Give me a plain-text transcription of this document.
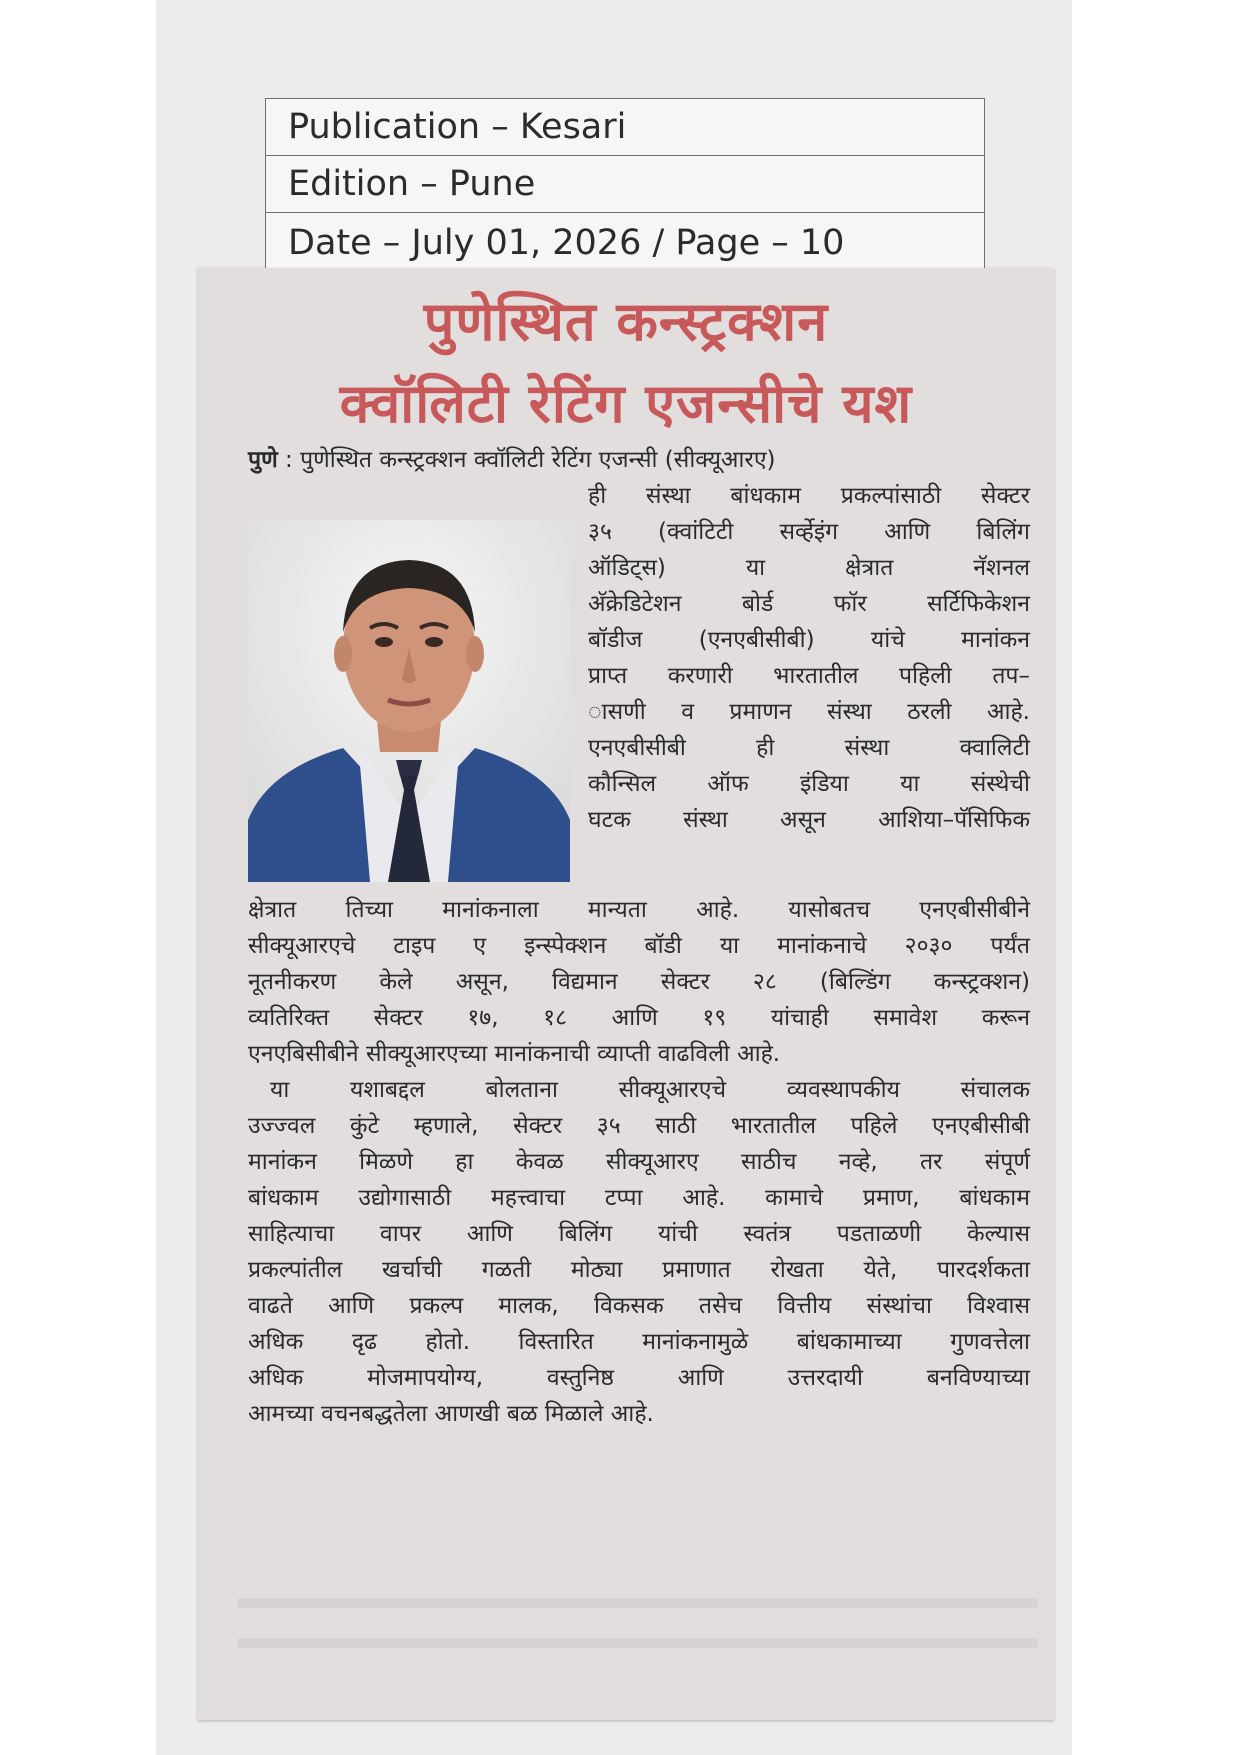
Publication – Kesari
Edition – Pune
Date – July 01, 2026 / Page – 10
पुणेस्थित कन्स्ट्रक्शन
क्वॉलिटी रेटिंग एजन्सीचे यश
पुणे : पुणेस्थित कन्स्ट्रक्शन क्वॉलिटी रेटिंग एजन्सी (सीक्यूआरए)
ही संस्था बांधकाम प्रकल्पांसाठी सेक्टर
३५ (क्वांटिटी सर्व्हेइंग आणि बिलिंग
ऑडिट्स) या क्षेत्रात नॅशनल
अ‍ॅक्रेडिटेशन बोर्ड फॉर सर्टिफिकेशन
बॉडीज (एनएबीसीबी) यांचे मानांकन
प्राप्त करणारी भारतातील पहिली तप–
ासणी व प्रमाणन संस्था ठरली आहे.
एनएबीसीबी ही संस्था क्वालिटी
कौन्सिल ऑफ इंडिया या संस्थेची
घटक संस्था असून आशिया–पॅसिफिक
क्षेत्रात तिच्या मानांकनाला मान्यता आहे. यासोबतच एनएबीसीबीने
सीक्यूआरएचे टाइप ए इन्स्पेक्शन बॉडी या मानांकनाचे २०३० पर्यंत
नूतनीकरण केले असून, विद्यमान सेक्टर २८ (बिल्डिंग कन्स्ट्रक्शन)
व्यतिरिक्त सेक्टर १७, १८ आणि १९ यांचाही समावेश करून
एनएबिसीबीने सीक्यूआरएच्या मानांकनाची व्याप्ती वाढविली आहे.
या यशाबद्दल बोलताना सीक्यूआरएचे व्यवस्थापकीय संचालक
उज्ज्वल कुंटे म्हणाले, सेक्टर ३५ साठी भारतातील पहिले एनएबीसीबी
मानांकन मिळणे हा केवळ सीक्यूआरए साठीच नव्हे, तर संपूर्ण
बांधकाम उद्योगासाठी महत्त्वाचा टप्पा आहे. कामाचे प्रमाण, बांधकाम
साहित्याचा वापर आणि बिलिंग यांची स्वतंत्र पडताळणी केल्यास
प्रकल्पांतील खर्चाची गळती मोठ्या प्रमाणात रोखता येते, पारदर्शकता
वाढते आणि प्रकल्प मालक, विकसक तसेच वित्तीय संस्थांचा विश्वास
अधिक दृढ होतो. विस्तारित मानांकनामुळे बांधकामाच्या गुणवत्तेला
अधिक मोजमापयोग्य, वस्तुनिष्ठ आणि उत्तरदायी बनविण्याच्या
आमच्या वचनबद्धतेला आणखी बळ मिळाले आहे.
